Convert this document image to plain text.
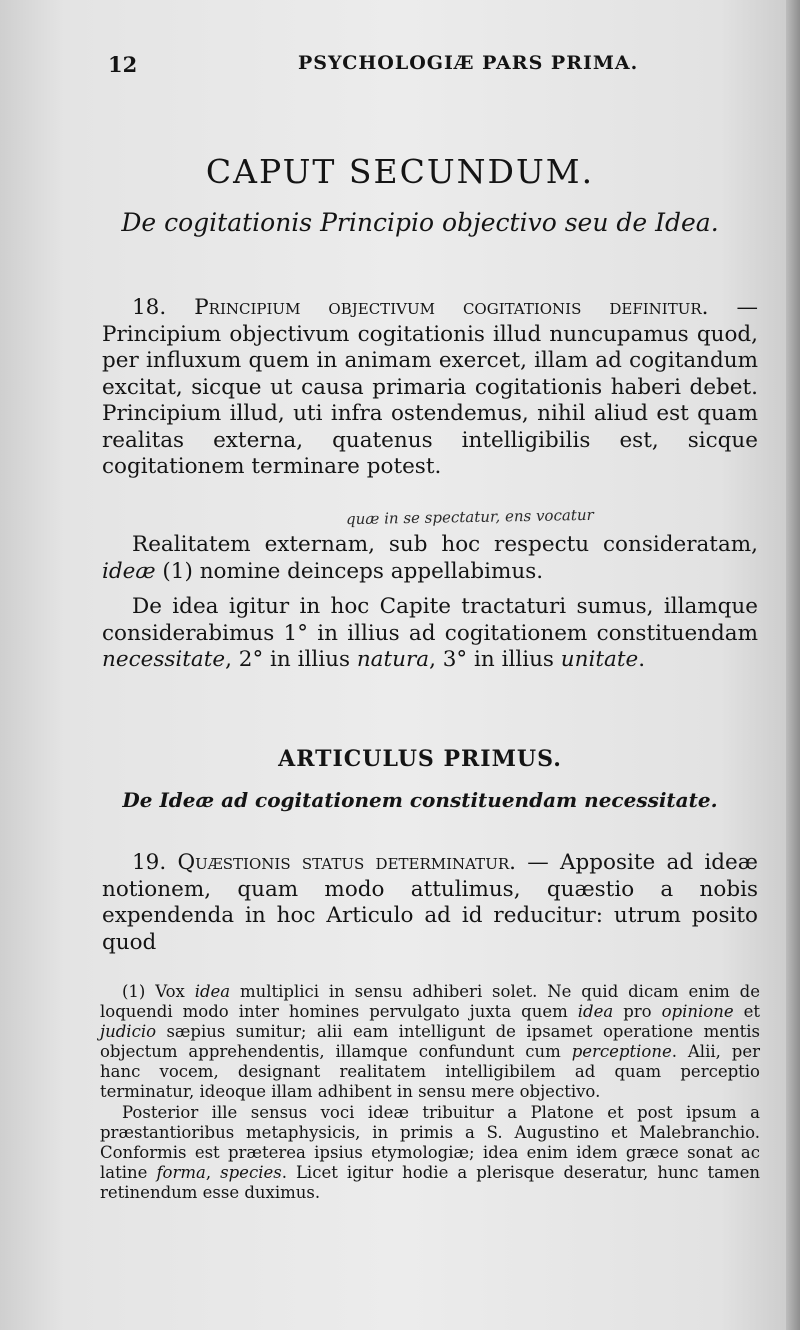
12	PSYCHOLOGIÆ PARS PRIMA.
CAPUT SECUNDUM.
De cogitationis Principio objectivo seu de Idea.
18. Principium objectivum cogitationis definitur. — Principium objectivum cogitationis illud nuncupamus quod, per influxum quem in animam exercet, illam ad cogitandum excitat, sicque ut causa primaria cogitationis haberi debet. Principium illud, uti infra ostendemus, nihil aliud est quam realitas externa, quatenus intelligibilis est, sicque cogitationem terminare potest.
quæ in se spectatur, ens vocatur
Realitatem externam, sub hoc respectu consideratam, ideæ (1) nomine deinceps appellabimus.
De idea igitur in hoc Capite tractaturi sumus, illamque considerabimus 1° in illius ad cogitationem constituendam necessitate, 2° in illius natura, 3° in illius unitate.
ARTICULUS PRIMUS.
De Ideæ ad cogitationem constituendam necessitate.
19. Quæstionis status determinatur. — Apposite ad ideæ notionem, quam modo attulimus, quæstio a nobis expendenda in hoc Articulo ad id reducitur: utrum posito quod
(1) Vox idea multiplici in sensu adhiberi solet. Ne quid dicam enim de loquendi modo inter homines pervulgato juxta quem idea pro opinione et judicio sæpius sumitur; alii eam intelligunt de ipsamet operatione mentis objectum apprehendentis, illamque confundunt cum perceptione. Alii, per hanc vocem, designant realitatem intelligibilem ad quam perceptio terminatur, ideoque illam adhibent in sensu mere objectivo.
Posterior ille sensus voci ideæ tribuitur a Platone et post ipsum a præstantioribus metaphysicis, in primis a S. Augustino et Malebranchio. Conformis est præterea ipsius etymologiæ; idea enim idem græce sonat ac latine forma, species. Licet igitur hodie a plerisque deseratur, hunc tamen retinendum esse duximus.
